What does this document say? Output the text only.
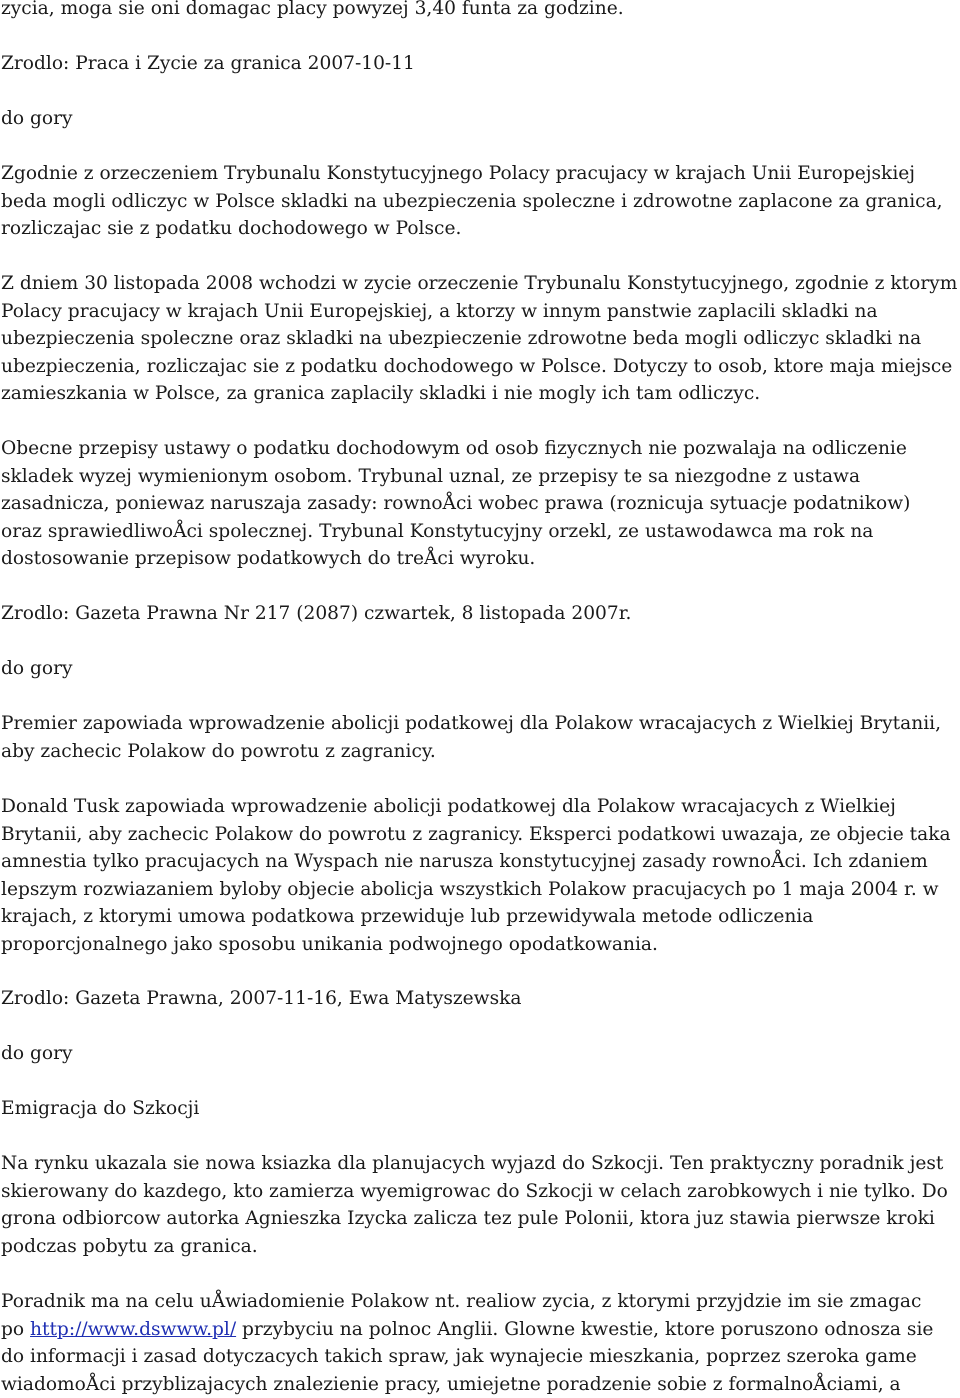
zycia, moga sie oni domagac placy powyzej 3,40 funta za godzine.
Zrodlo: Praca i Zycie za granica 2007-10-11
do gory
Zgodnie z orzeczeniem Trybunalu Konstytucyjnego Polacy pracujacy w krajach Unii Europejskiej
beda mogli odliczyc w Polsce skladki na ubezpieczenia spoleczne i zdrowotne zaplacone za granica,
rozliczajac sie z podatku dochodowego w Polsce.
Z dniem 30 listopada 2008 wchodzi w zycie orzeczenie Trybunalu Konstytucyjnego, zgodnie z ktorym
Polacy pracujacy w krajach Unii Europejskiej, a ktorzy w innym panstwie zaplacili skladki na
ubezpieczenia spoleczne oraz skladki na ubezpieczenie zdrowotne beda mogli odliczyc skladki na
ubezpieczenia, rozliczajac sie z podatku dochodowego w Polsce. Dotyczy to osob, ktore maja miejsce
zamieszkania w Polsce, za granica zaplacily skladki i nie mogly ich tam odliczyc.
Obecne przepisy ustawy o podatku dochodowym od osob fizycznych nie pozwalaja na odliczenie
skladek wyzej wymienionym osobom. Trybunal uznal, ze przepisy te sa niezgodne z ustawa
zasadnicza, poniewaz naruszaja zasady: rownoÅci wobec prawa (roznicuja sytuacje podatnikow)
oraz sprawiedliwoÅci spolecznej. Trybunal Konstytucyjny orzekl, ze ustawodawca ma rok na
dostosowanie przepisow podatkowych do treÅci wyroku.
Zrodlo: Gazeta Prawna Nr 217 (2087) czwartek, 8 listopada 2007r.
do gory
Premier zapowiada wprowadzenie abolicji podatkowej dla Polakow wracajacych z Wielkiej Brytanii,
aby zachecic Polakow do powrotu z zagranicy.
Donald Tusk zapowiada wprowadzenie abolicji podatkowej dla Polakow wracajacych z Wielkiej
Brytanii, aby zachecic Polakow do powrotu z zagranicy. Eksperci podatkowi uwazaja, ze objecie taka
amnestia tylko pracujacych na Wyspach nie narusza konstytucyjnej zasady rownoÅci. Ich zdaniem
lepszym rozwiazaniem byloby objecie abolicja wszystkich Polakow pracujacych po 1 maja 2004 r. w
krajach, z ktorymi umowa podatkowa przewiduje lub przewidywala metode odliczenia
proporcjonalnego jako sposobu unikania podwojnego opodatkowania.
Zrodlo: Gazeta Prawna, 2007-11-16, Ewa Matyszewska
do gory
Emigracja do Szkocji
Na rynku ukazala sie nowa ksiazka dla planujacych wyjazd do Szkocji. Ten praktyczny poradnik jest
skierowany do kazdego, kto zamierza wyemigrowac do Szkocji w celach zarobkowych i nie tylko. Do
grona odbiorcow autorka Agnieszka Izycka zalicza tez pule Polonii, ktora juz stawia pierwsze kroki
podczas pobytu za granica.
Poradnik ma na celu uÅwiadomienie Polakow nt. realiow zycia, z ktorymi przyjdzie im sie zmagac
po http://www.dswww.pl/ przybyciu na polnoc Anglii. Glowne kwestie, ktore poruszono odnosza sie
do informacji i zasad dotyczacych takich spraw, jak wynajecie mieszkania, poprzez szeroka game
wiadomoÅci przyblizajacych znalezienie pracy, umiejetne poradzenie sobie z formalnoÅciami, a
